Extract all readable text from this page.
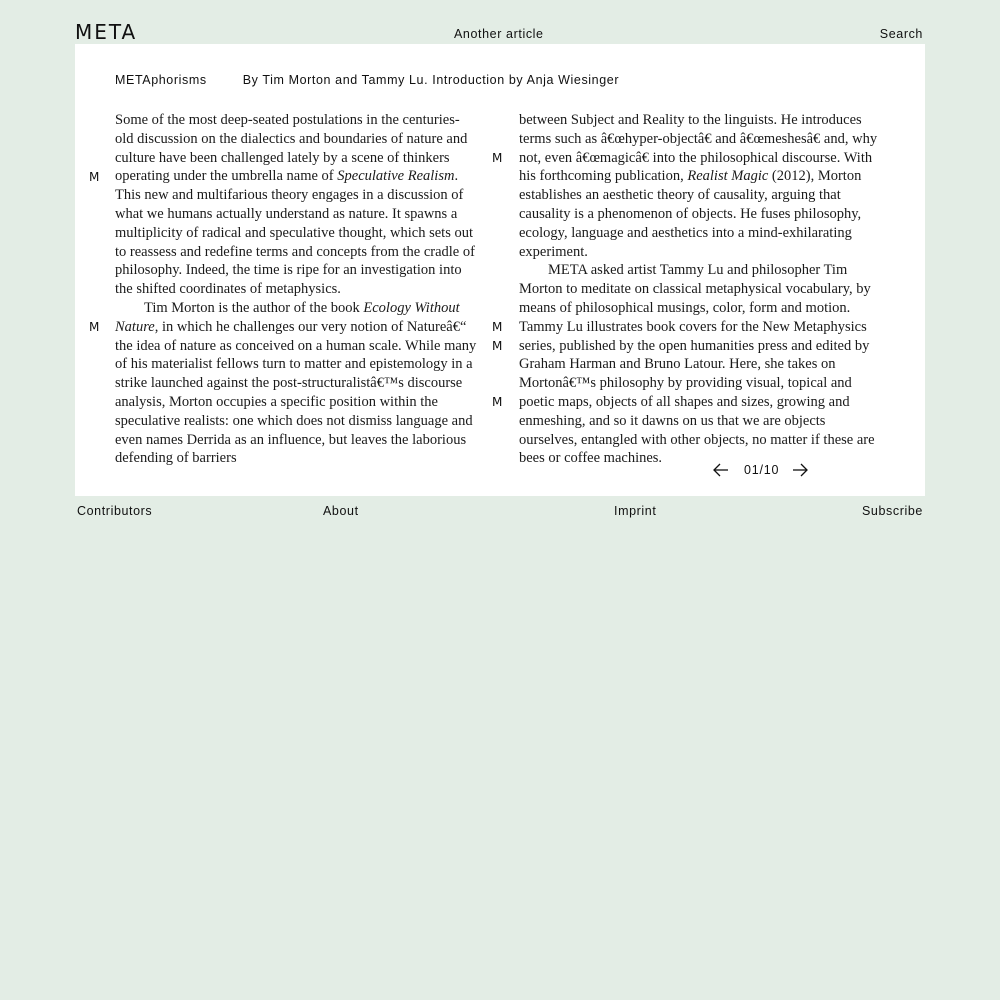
META	Another article	Search
METAphorisms	By Tim Morton and Tammy Lu. Introduction by Anja Wiesinger
M
M
M
M
M
M

Some of the most deep-seated postulations in the centuries-old discussion on the dialectics and boundaries of nature and culture have been challenged lately by a scene of thinkers operating under the umbrella name of Speculative Realism. This new and multifarious theory engages in a discussion of what we humans actually understand as nature. It spawns a multiplicity of radical and speculative thought, which sets out to reassess and redefine terms and concepts from the cradle of philosophy. Indeed, the time is ripe for an investigation into the shifted coordinates of metaphysics.

Tim Morton is the author of the book Ecology Without Nature, in which he challenges our very notion of Natureâ€“ the idea of nature as conceived on a human scale. While many of his materialist fellows turn to matter and epistemology in a strike launched against the post-structuralistâ€™s discourse analysis, Morton occupies a specific position within the speculative realists: one which does not dismiss language and even names Derrida as an influence, but leaves the laborious defending of barriers

between Subject and Reality to the linguists. He introduces terms such as â€œhyper-objectâ€ and â€œmeshesâ€ and, why not, even â€œmagicâ€ into the philosophical discourse. With his forthcoming publication, Realist Magic (2012), Morton establishes an aesthetic theory of causality, arguing that causality is a phenomenon of objects. He fuses philosophy, ecology, language and aesthetics into a mind-exhilarating experiment.

META asked artist Tammy Lu and philosopher Tim Morton to meditate on classical metaphysical vocabulary, by means of philosophical musings, color, form and motion. Tammy Lu illustrates book covers for the New Metaphysics series, published by the open humanities press and edited by Graham Harman and Bruno Latour. Here, she takes on Mortonâ€™s philosophy by providing visual, topical and poetic maps, objects of all shapes and sizes, growing and enmeshing, and so it dawns on us that we are objects ourselves, entangled with other objects, no matter if these are bees or coffee machines.

01/10
Contributors	About	Imprint	Subscribe
